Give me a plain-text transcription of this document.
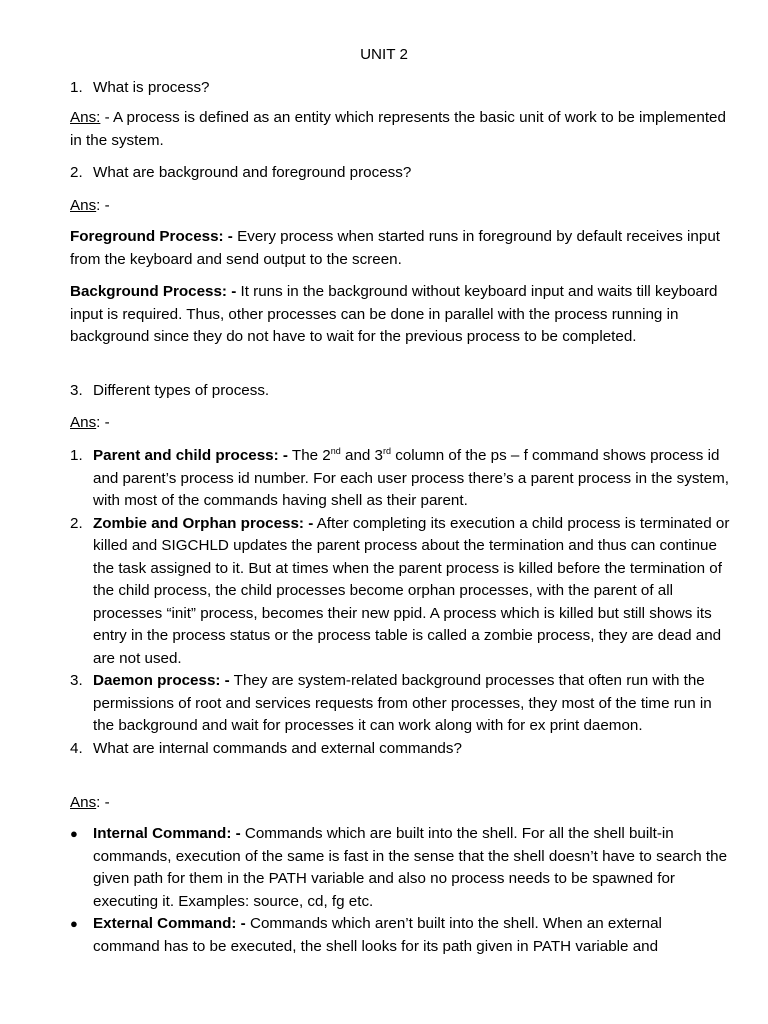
UNIT 2

1. What is process?

Ans: - A process is defined as an entity which represents the basic unit of work to be implemented in the system.

2. What are background and foreground process?

Ans: -

Foreground Process: - Every process when started runs in foreground by default receives input from the keyboard and send output to the screen.

Background Process: - It runs in the background without keyboard input and waits till keyboard input is required. Thus, other processes can be done in parallel with the process running in background since they do not have to wait for the previous process to be completed.

3. Different types of process.

Ans: -

1. Parent and child process: - The 2nd and 3rd column of the ps – f command shows process id and parent’s process id number. For each user process there’s a parent process in the system, with most of the commands having shell as their parent.
2. Zombie and Orphan process: - After completing its execution a child process is terminated or killed and SIGCHLD updates the parent process about the termination and thus can continue the task assigned to it. But at times when the parent process is killed before the termination of the child process, the child processes become orphan processes, with the parent of all processes “init” process, becomes their new ppid. A process which is killed but still shows its entry in the process status or the process table is called a zombie process, they are dead and are not used.
3. Daemon process: - They are system-related background processes that often run with the permissions of root and services requests from other processes, they most of the time run in the background and wait for processes it can work along with for ex print daemon.
4. What are internal commands and external commands?

Ans: -

● Internal Command: - Commands which are built into the shell. For all the shell built-in commands, execution of the same is fast in the sense that the shell doesn’t have to search the given path for them in the PATH variable and also no process needs to be spawned for executing it. Examples: source, cd, fg etc.
● External Command: - Commands which aren’t built into the shell. When an external command has to be executed, the shell looks for its path given in PATH variable and
